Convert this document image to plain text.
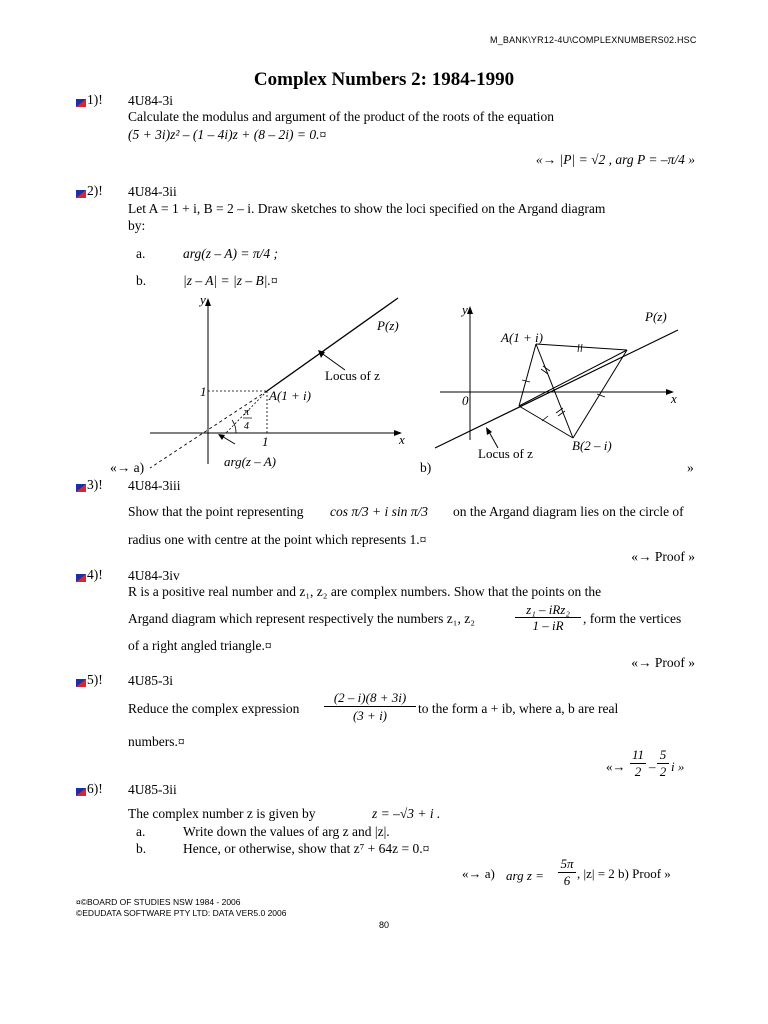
M_BANK\YR12-4U\COMPLEXNUMBERS02.HSC
Complex Numbers 2: 1984-1990
1)! 4U84-3i
Calculate the modulus and argument of the product of the roots of the equation
(5 + 3i)z² – (1 – 4i)z + (8 – 2i) = 0.¤
«→ |P| = √2 , arg P = –π/4 »
2)! 4U84-3ii
Let A = 1 + i, B = 2 – i. Draw sketches to show the loci specified on the Argand diagram
by:
a.	arg(z – A) = π/4 ;
b.	|z – A| = |z – B|.¤
y
x
P(z)
Locus of z
1
1
A(1 + i)
π
4
arg(z – A)
y
x
0
A(1 + i)
P(z)
B(2 – i)
Locus of z
«→ a)	b)	»
3)! 4U84-3iii
Show that the point representing cos π/3 + i sin π/3 on the Argand diagram lies on the circle of
radius one with centre at the point which represents 1.¤
«→ Proof »
4)! 4U84-3iv
R is a positive real number and z₁, z₂ are complex numbers. Show that the points on the
Argand diagram which represent respectively the numbers z₁, z₂
z₁ – iRz₂
1 – iR	, form the vertices
of a right angled triangle.¤
«→ Proof »
5)! 4U85-3i
Reduce the complex expression $\frac{(2 - i)(8 + 3i)}{(3 + i)}$ to the form a + ib, where a, b are real
numbers.¤
«→ $\frac{11}{2} - \frac{5}{2}$ i »
6)! 4U85-3ii
The complex number z is given by	z = –√3 + i .
a.	Write down the values of arg z and |z|.
b.	Hence, or otherwise, show that z⁷ + 64z = 0.¤
«→ a) arg $z = \frac{5\pi}{6}$ , |z| = 2 b) Proof »
¤©BOARD OF STUDIES NSW 1984 - 2006
©EDUDATA SOFTWARE PTY LTD: DATA VER5.0 2006
80
